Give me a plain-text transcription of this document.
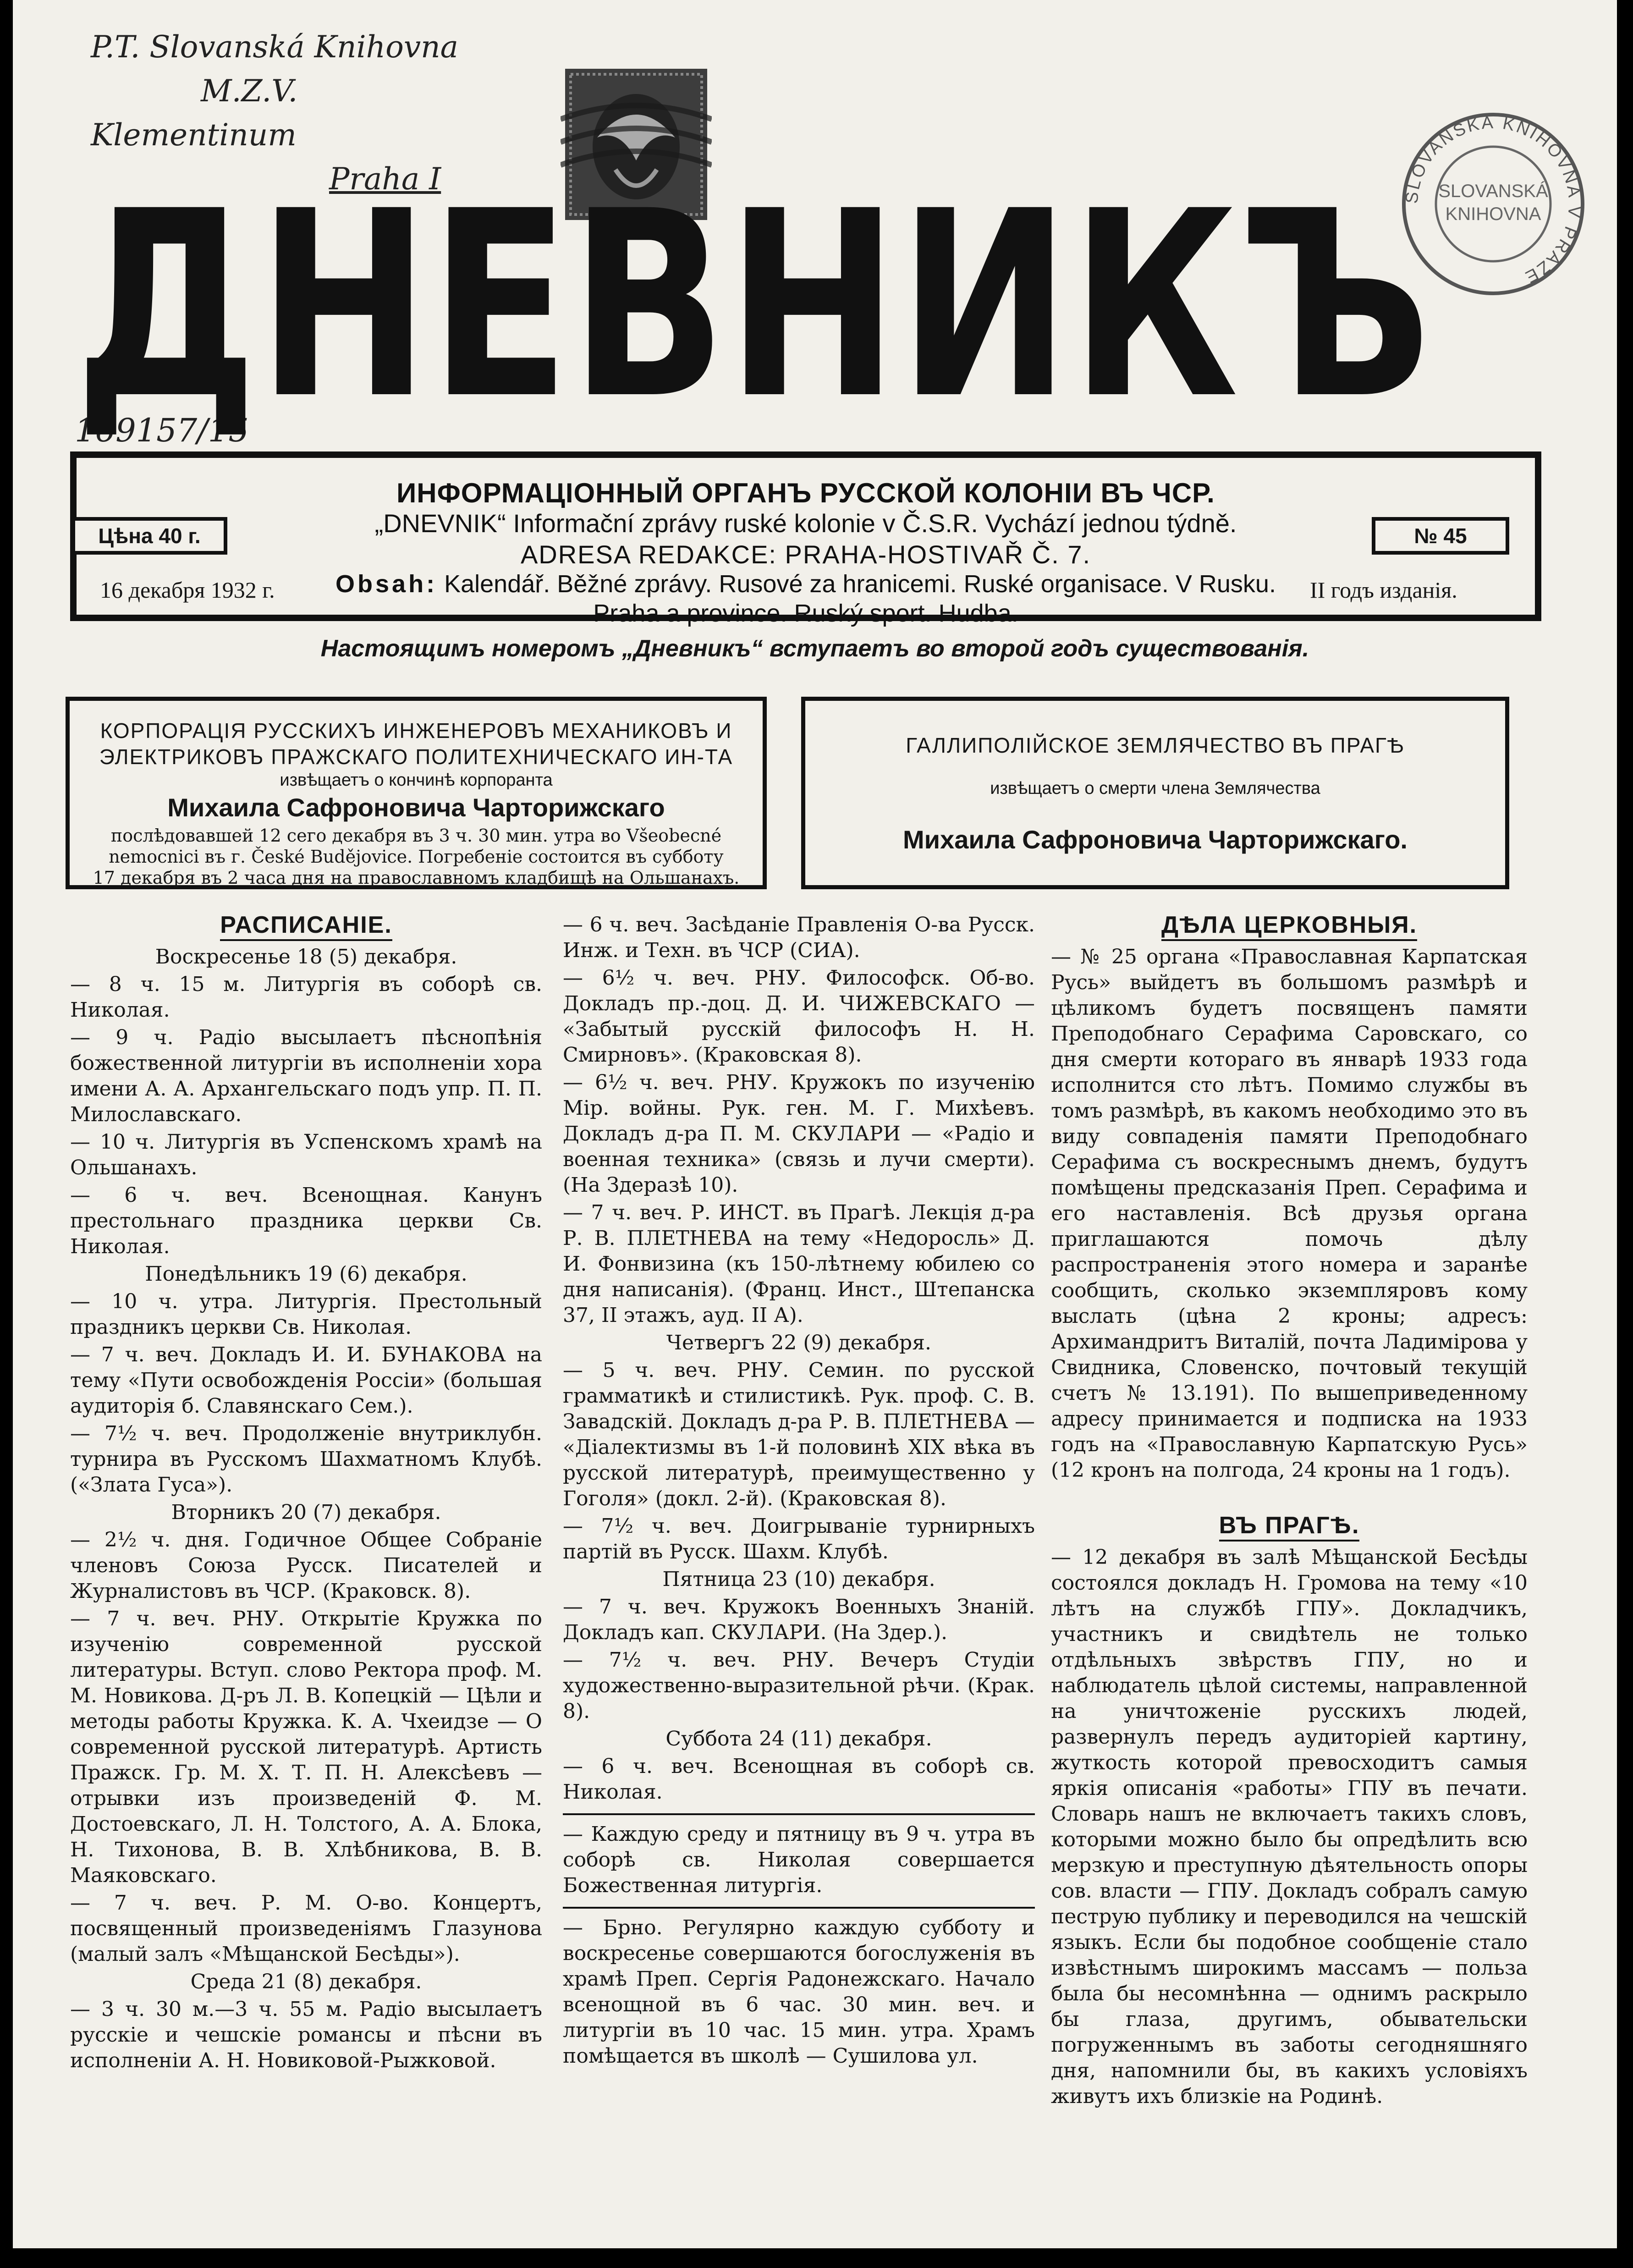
P.T. Slovanská Knihovna
M.Z.V.
Klementinum
Praha I
SLOVANSKÁ KNIHOVNA V PRAZE
SLOVANSKÁ
KNIHOVNA
169157/15
ДНЕВНИКЪ
ИНФОРМАЦIОННЫЙ ОРГАНЪ РУССКОЙ КОЛОНIИ ВЪ ЧСР.
„DNEVNIK“ Informační zprávy ruské kolonie v Č.S.R. Vychází jednou týdně.
ADRESA REDAKCE: PRAHA-HOSTIVAŘ Č. 7.
Obsah: Kalendář. Běžné zprávy. Rusové za hranicemi. Ruské organisace. V Rusku.
Praha a province. Ruský sport. Hudba.
Цѣна 40 г.	№ 45
16 декабря 1932 г.	II годъ изданiя.
Настоящимъ номеромъ „Дневникъ“ вступаетъ во второй годъ существованiя.
КОРПОРАЦIЯ РУССКИХЪ ИНЖЕНЕРОВЪ МЕХАНИКОВЪ И
ЭЛЕКТРИКОВЪ ПРАЖСКАГО ПОЛИТЕХНИЧЕСКАГО ИН-ТА
извѣщаетъ о кончинѣ корпоранта
Михаила Сафроновича Чарторижскаго
послѣдовавшей 12 сего декабря въ 3 ч. 30 мин. утра во Všeobecné
nemocnici въ г. České Budějovice. Погребенiе состоится въ субботу
17 декабря въ 2 часа дня на православномъ кладбищѣ на Ольшанахъ.
ГАЛЛИПОЛIЙСКОЕ ЗЕМЛЯЧЕСТВО ВЪ ПРАГѢ
извѣщаетъ о смерти члена Землячества
Михаила Сафроновича Чарторижскаго.
РАСПИСАНIЕ.
Воскресенье 18 (5) декабря.
— 8 ч. 15 м. Литургiя въ соборѣ св. Николая.
— 9 ч. Радiо высылаетъ пѣснопѣнiя божественной литургiи въ исполненiи хора имени А. А. Архангельскаго подъ упр. П. П. Милославскаго.
— 10 ч. Литургiя въ Успенскомъ храмѣ на Ольшанахъ.
— 6 ч. веч. Всенощная. Канунъ престольнаго праздника церкви Св. Николая.
Понедѣльникъ 19 (6) декабря.
— 10 ч. утра. Литургiя. Престольный праздникъ церкви Св. Николая.
— 7 ч. веч. Докладъ И. И. БУНАКОВА на тему «Пути освобожденiя Россiи» (большая аудиторiя б. Славянскаго Сем.).
— 7½ ч. веч. Продолженiе внутриклубн. турнира въ Русскомъ Шахматномъ Клубѣ. («Злата Гуса»).
Вторникъ 20 (7) декабря.
— 2½ ч. дня. Годичное Общее Собранiе членовъ Союза Русск. Писателей и Журналистовъ въ ЧСР. (Краковск. 8).
— 7 ч. веч. РНУ. Открытiе Кружка по изученiю современной русской литературы. Вступ. слово Ректора проф. М. М. Новикова. Д-ръ Л. В. Копецкiй — Цѣли и методы работы Кружка. К. А. Чхеидзе — О современной русской литературѣ. Артисть Пражск. Гр. М. Х. Т. П. Н. Алексѣевъ — отрывки изъ произведенiй Ф. М. Достоевскаго, Л. Н. Толстого, А. А. Блока, Н. Тихонова, В. В. Хлѣбникова, В. В. Маяковскаго.
— 7 ч. веч. Р. М. О-во. Концертъ, посвященный произведенiямъ Глазунова (малый залъ «Мѣщанской Бесѣды»).
Среда 21 (8) декабря.
— 3 ч. 30 м.—3 ч. 55 м. Радiо высылаетъ русскiе и чешскiе романсы и пѣсни въ исполненiи А. Н. Новиковой-Рыжковой.
— 6 ч. веч. Засѣданiе Правленiя О-ва Русск. Инж. и Техн. въ ЧСР (СИА).
— 6½ ч. веч. РНУ. Философск. Об-во. Докладъ пр.-доц. Д. И. ЧИЖЕВСКАГО — «Забытый русскiй философъ Н. Н. Смирновъ». (Краковская 8).
— 6½ ч. веч. РНУ. Кружокъ по изученiю Мiр. войны. Рук. ген. М. Г. Михѣевъ. Докладъ д-ра П. М. СКУЛАРИ — «Радiо и военная техника» (связь и лучи смерти). (На Здеразѣ 10).
— 7 ч. веч. Р. ИНСТ. въ Прагѣ. Лекцiя д-ра Р. В. ПЛЕТНЕВА на тему «Недоросль» Д. И. Фонвизина (къ 150-лѣтнему юбилею со дня написанiя). (Франц. Инст., Штепанска 37, II этажъ, ауд. II А).
Четвергъ 22 (9) декабря.
— 5 ч. веч. РНУ. Семин. по русской грамматикѣ и стилистикѣ. Рук. проф. С. В. Завадскiй. Докладъ д-ра Р. В. ПЛЕТНЕВА — «Дiалектизмы въ 1-й половинѣ XIX вѣка въ русской литературѣ, преимущественно у Гоголя» (докл. 2-й). (Краковская 8).
— 7½ ч. веч. Доигрыванiе турнирныхъ партiй въ Русск. Шахм. Клубѣ.
Пятница 23 (10) декабря.
— 7 ч. веч. Кружокъ Военныхъ Знанiй. Докладъ кап. СКУЛАРИ. (На Здер.).
— 7½ ч. веч. РНУ. Вечеръ Студiи художественно-выразительной рѣчи. (Крак. 8).
Суббота 24 (11) декабря.
— 6 ч. веч. Всенощная въ соборѣ св. Николая.
— Каждую среду и пятницу въ 9 ч. утра въ соборѣ св. Николая совершается Божественная литургiя.
— Брно. Регулярно каждую субботу и воскресенье совершаются богослуженiя въ храмѣ Преп. Сергiя Радонежскаго. Начало всенощной въ 6 час. 30 мин. веч. и литургiи въ 10 час. 15 мин. утра. Храмъ помѣщается въ школѣ — Сушилова ул.
ДѢЛА ЦЕРКОВНЫЯ.
— № 25 органа «Православная Карпатская Русь» выйдетъ въ большомъ размѣрѣ и цѣликомъ будетъ посвященъ памяти Преподобнаго Серафима Саровскаго, со дня смерти котораго въ январѣ 1933 года исполнится сто лѣтъ. Помимо службы въ томъ размѣрѣ, въ какомъ необходимо это въ виду совпаденiя памяти Преподобнаго Серафима съ воскреснымъ днемъ, будутъ помѣщены предсказанiя Преп. Серафима и его наставленiя. Всѣ друзья органа приглашаются помочь дѣлу распространенiя этого номера и заранѣе сообщить, сколько экземпляровъ кому выслать (цѣна 2 кроны; адресъ: Архимандритъ Виталiй, почта Ладимiрова у Свидника, Словенско, почтовый текущiй счетъ № 13.191). По вышеприведенному адресу принимается и подписка на 1933 годъ на «Православную Карпатскую Русь» (12 кронъ на полгода, 24 кроны на 1 годъ).
ВЪ ПРАГѢ.
— 12 декабря въ залѣ Мѣщанской Бесѣды состоялся докладъ Н. Громова на тему «10 лѣтъ на службѣ ГПУ». Докладчикъ, участникъ и свидѣтель не только отдѣльныхъ звѣрствъ ГПУ, но и наблюдатель цѣлой системы, направленной на уничтоженiе русскихъ людей, развернулъ передъ аудиторiей картину, жуткость которой превосходитъ самыя яркiя описанiя «работы» ГПУ въ печати. Словарь нашъ не включаетъ такихъ словъ, которыми можно было бы опредѣлить всю мерзкую и преступную дѣятельность опоры сов. власти — ГПУ. Докладъ собралъ самую пеструю публику и переводился на чешскiй языкъ. Если бы подобное сообщенiе стало извѣстнымъ широкимъ массамъ — польза была бы несомнѣнна — однимъ раскрыло бы глаза, другимъ, обывательски погруженнымъ въ заботы сегодняшняго дня, напомнили бы, въ какихъ условiяхъ живутъ ихъ близкiе на Родинѣ.
